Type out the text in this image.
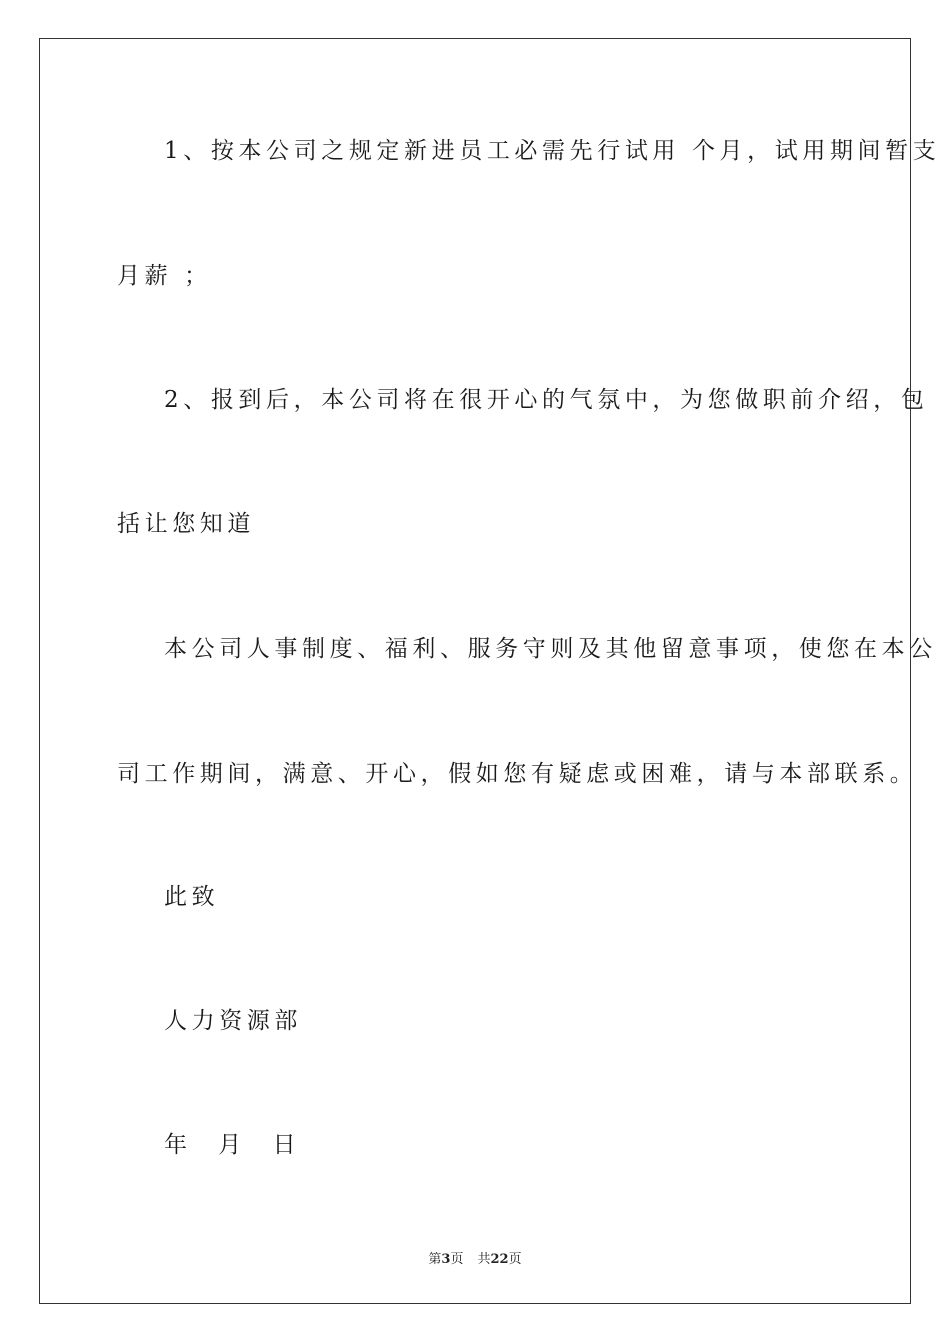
1、按本公司之规定新进员工必需先行试用 个月，试用期间暂支
月薪 ；
2、报到后，本公司将在很开心的气氛中，为您做职前介绍，包
括让您知道
本公司人事制度、福利、服务守则及其他留意事项，使您在本公
司工作期间，满意、开心，假如您有疑虑或困难，请与本部联系。
此致
人力资源部
年 月 日
第3页 共22页
